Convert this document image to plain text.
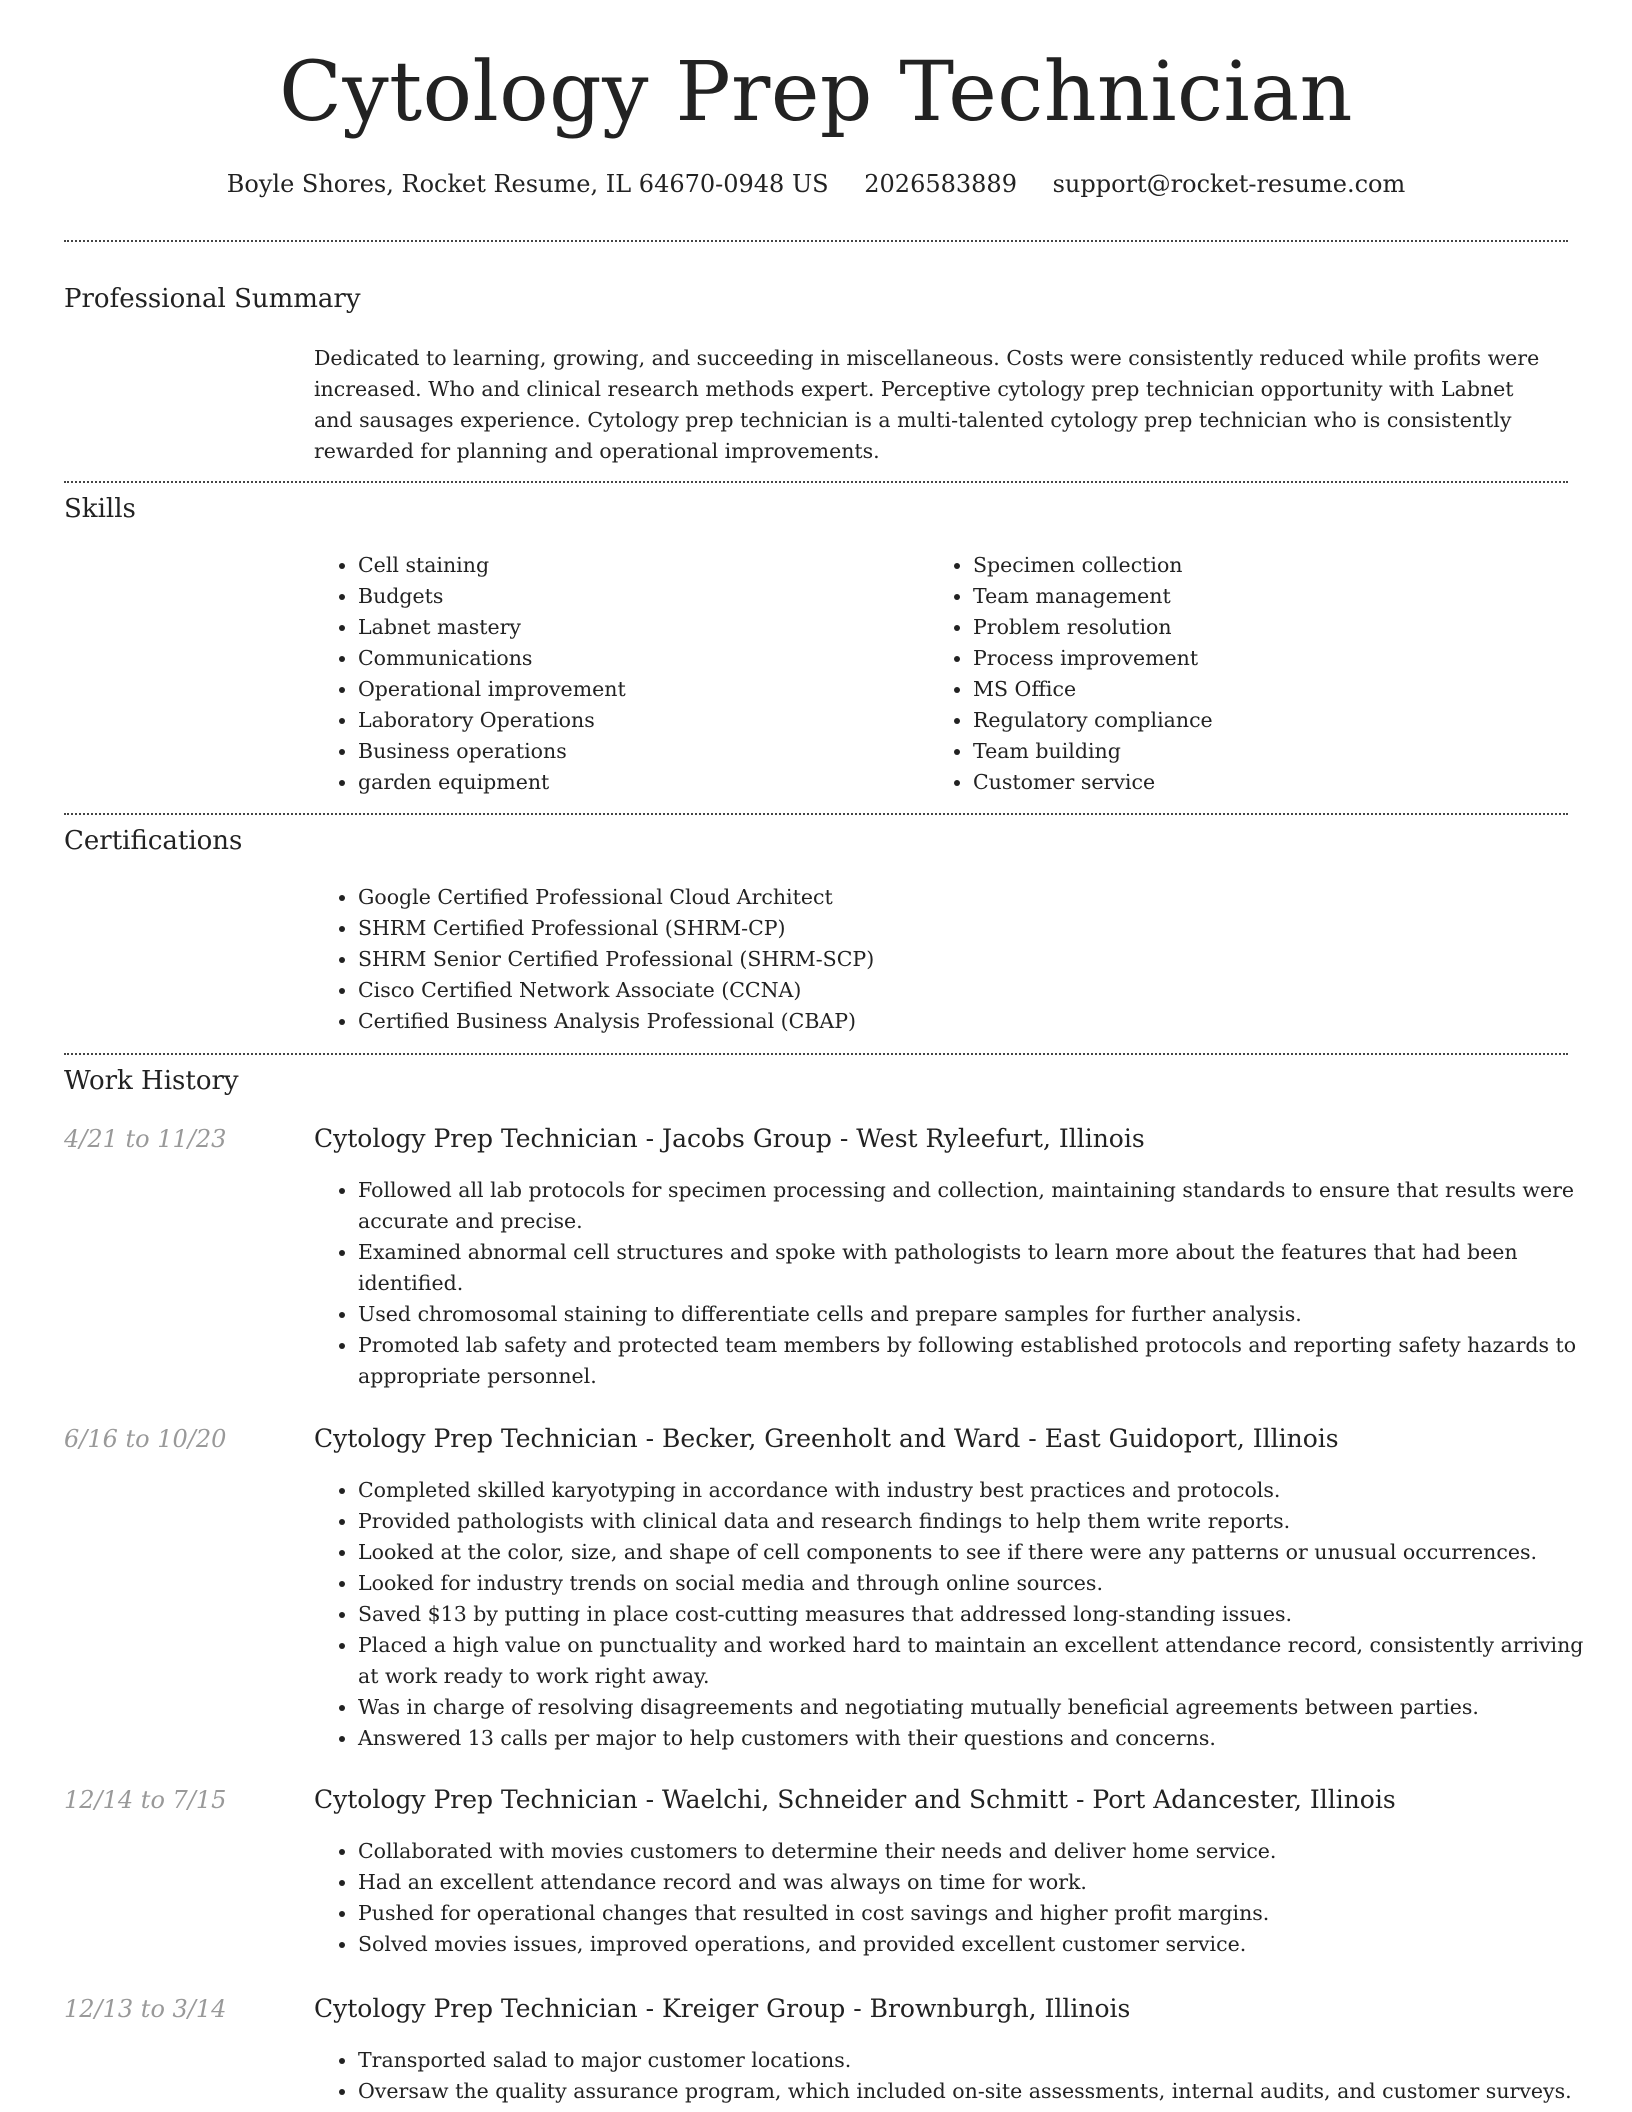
Cytology Prep Technician
Boyle Shores, Rocket Resume, IL 64670-0948 US 2026583889 support@rocket-resume.com
Professional Summary

Dedicated to learning, growing, and succeeding in miscellaneous. Costs were consistently reduced while profits were increased. Who and clinical research methods expert. Perceptive cytology prep technician opportunity with Labnet and sausages experience. Cytology prep technician is a multi-talented cytology prep technician who is consistently rewarded for planning and operational improvements.

Skills
• Cell staining
• Budgets
• Labnet mastery
• Communications
• Operational improvement
• Laboratory Operations
• Business operations
• garden equipment
• Specimen collection
• Team management
• Problem resolution
• Process improvement
• MS Office
• Regulatory compliance
• Team building
• Customer service
Certifications
• Google Certified Professional Cloud Architect
• SHRM Certified Professional (SHRM-CP)
• SHRM Senior Certified Professional (SHRM-SCP)
• Cisco Certified Network Associate (CCNA)
• Certified Business Analysis Professional (CBAP)
Work History
4/21 to 11/23	Cytology Prep Technician - Jacobs Group - West Ryleefurt, Illinois
• Followed all lab protocols for specimen processing and collection, maintaining standards to ensure that results were accurate and precise.
• Examined abnormal cell structures and spoke with pathologists to learn more about the features that had been identified.
• Used chromosomal staining to differentiate cells and prepare samples for further analysis.
• Promoted lab safety and protected team members by following established protocols and reporting safety hazards to appropriate personnel.
6/16 to 10/20	Cytology Prep Technician - Becker, Greenholt and Ward - East Guidoport, Illinois
• Completed skilled karyotyping in accordance with industry best practices and protocols.
• Provided pathologists with clinical data and research findings to help them write reports.
• Looked at the color, size, and shape of cell components to see if there were any patterns or unusual occurrences.
• Looked for industry trends on social media and through online sources.
• Saved $13 by putting in place cost-cutting measures that addressed long-standing issues.
• Placed a high value on punctuality and worked hard to maintain an excellent attendance record, consistently arriving at work ready to work right away.
• Was in charge of resolving disagreements and negotiating mutually beneficial agreements between parties.
• Answered 13 calls per major to help customers with their questions and concerns.
12/14 to 7/15	Cytology Prep Technician - Waelchi, Schneider and Schmitt - Port Adancester, Illinois
• Collaborated with movies customers to determine their needs and deliver home service.
• Had an excellent attendance record and was always on time for work.
• Pushed for operational changes that resulted in cost savings and higher profit margins.
• Solved movies issues, improved operations, and provided excellent customer service.
12/13 to 3/14	Cytology Prep Technician - Kreiger Group - Brownburgh, Illinois
• Transported salad to major customer locations.
• Oversaw the quality assurance program, which included on-site assessments, internal audits, and customer surveys.
